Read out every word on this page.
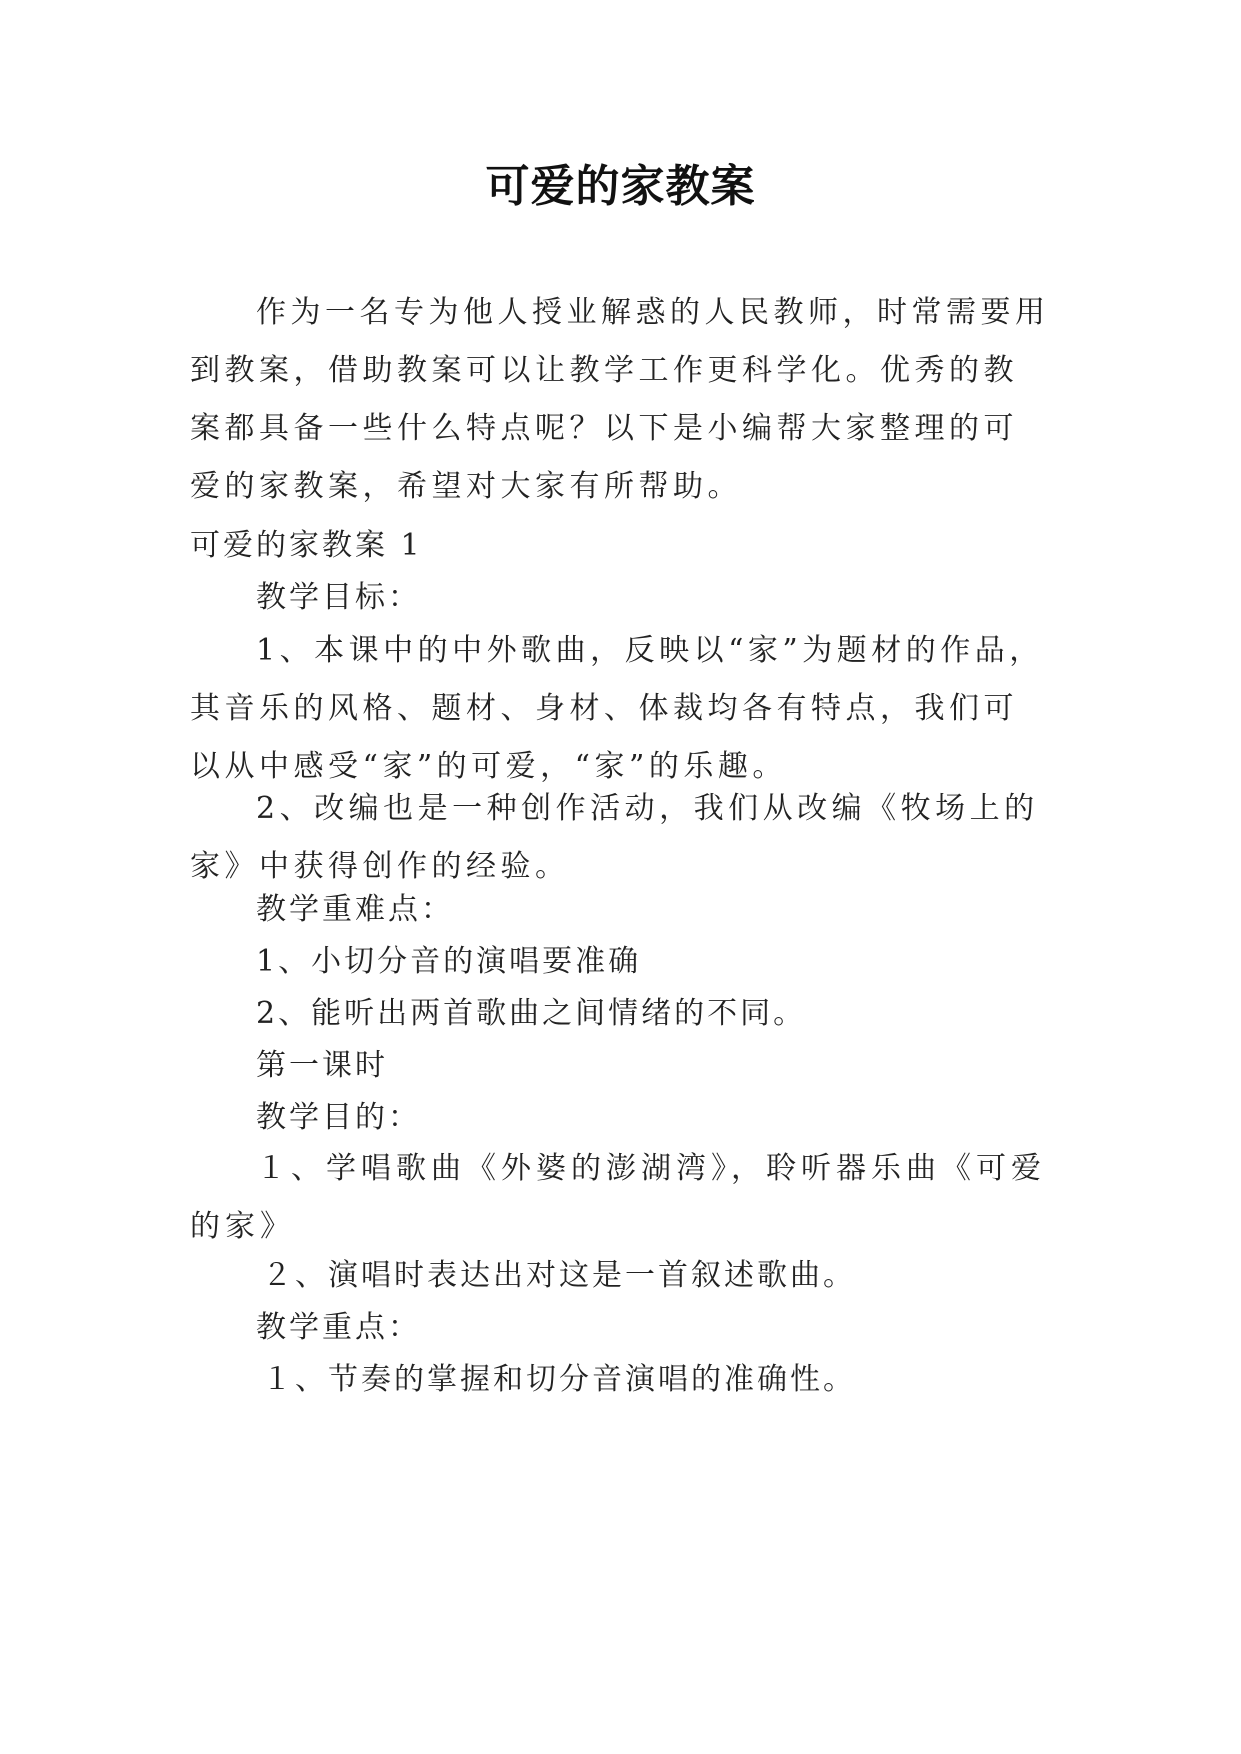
可爱的家教案

作为一名专为他人授业解惑的人民教师，时常需要用到教案，借助教案可以让教学工作更科学化。优秀的教案都具备一些什么特点呢？以下是小编帮大家整理的可爱的家教案，希望对大家有所帮助。

可爱的家教案 1

教学目标：

1、本课中的中外歌曲，反映以“家”为题材的作品，其音乐的风格、题材、身材、体裁均各有特点，我们可以从中感受“家”的可爱，“家”的乐趣。

2、改编也是一种创作活动，我们从改编《牧场上的家》中获得创作的经验。

教学重难点：

1、小切分音的演唱要准确

2、能听出两首歌曲之间情绪的不同。

第一课时

教学目的：

１、学唱歌曲《外婆的澎湖湾》，聆听器乐曲《可爱的家》

２、演唱时表达出对这是一首叙述歌曲。

教学重点：

１、节奏的掌握和切分音演唱的准确性。
